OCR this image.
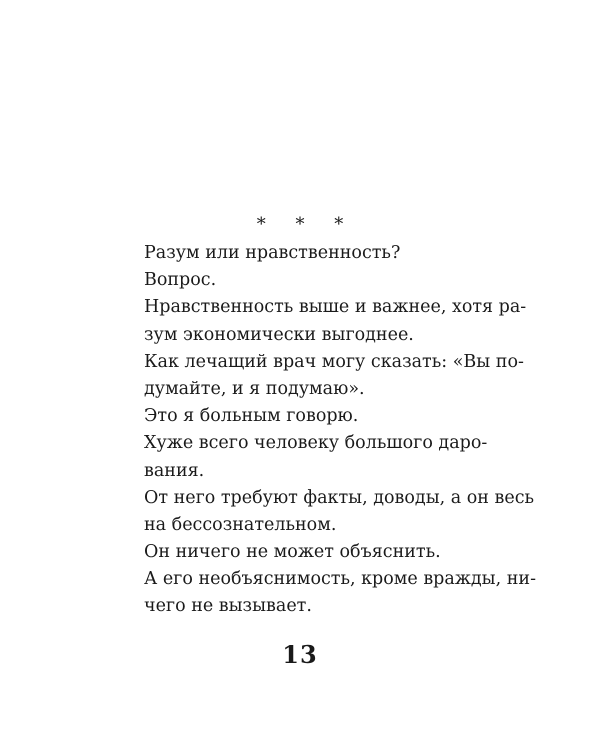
* * *
Разум или нравственность?
Вопрос.
Нравственность выше и важнее, хотя ра-
зум экономически выгоднее.
Как лечащий врач могу сказать: «Вы по-
думайте, и я подумаю».
Это я больным говорю.
Хуже всего человеку большого даро-
вания.
От него требуют факты, доводы, а он весь
на бессознательном.
Он ничего не может объяснить.
А его необъяснимость, кроме вражды, ни-
чего не вызывает.
13
